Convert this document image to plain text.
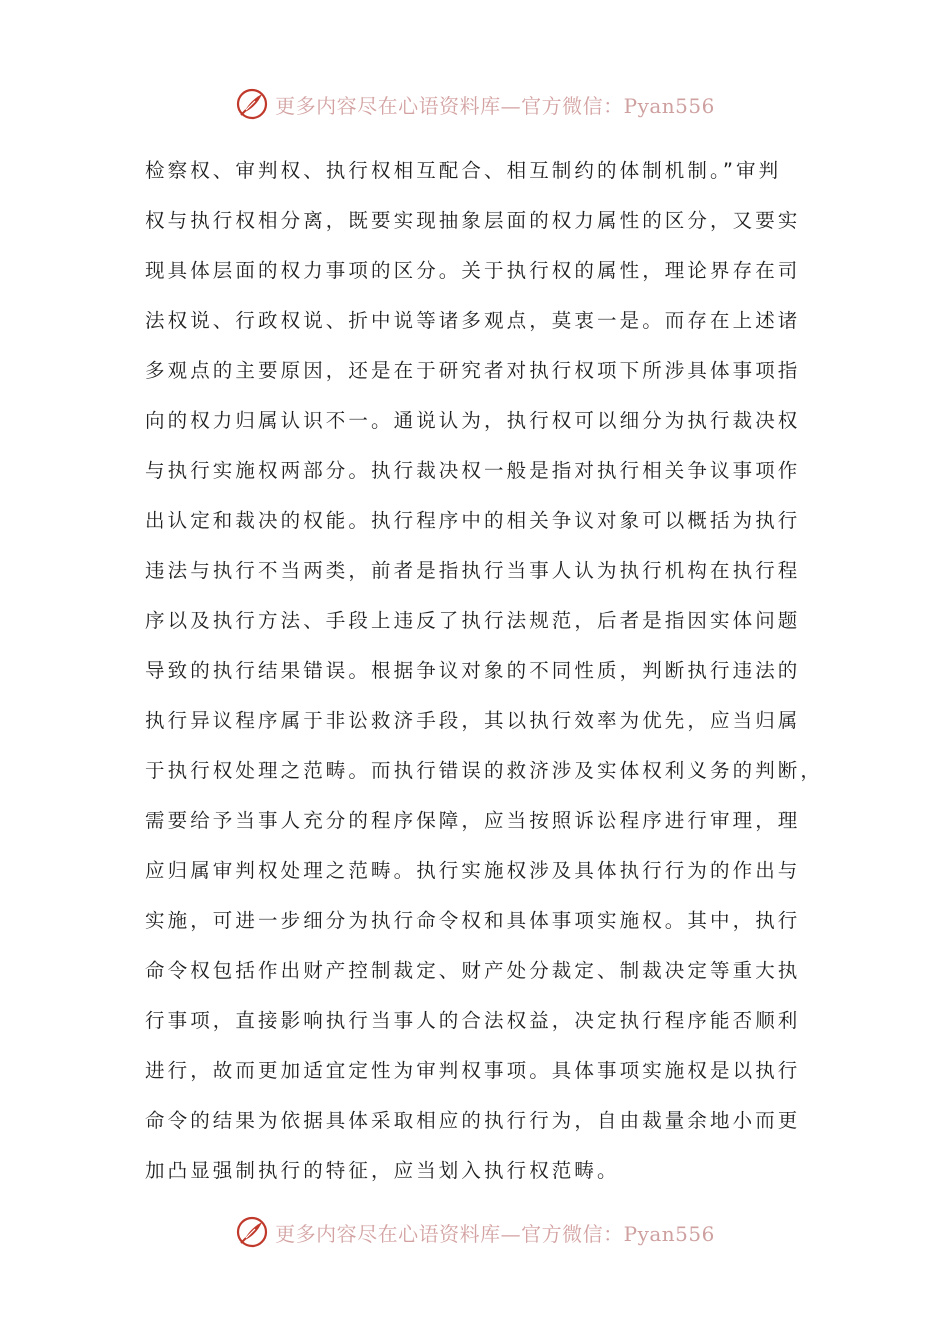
更多内容尽在心语资料库—官方微信：Pyan556
检察权、审判权、执行权相互配合、相互制约的体制机制。”审判
权与执行权相分离，既要实现抽象层面的权力属性的区分，又要实
现具体层面的权力事项的区分。关于执行权的属性，理论界存在司
法权说、行政权说、折中说等诸多观点，莫衷一是。而存在上述诸
多观点的主要原因，还是在于研究者对执行权项下所涉具体事项指
向的权力归属认识不一。通说认为，执行权可以细分为执行裁决权
与执行实施权两部分。执行裁决权一般是指对执行相关争议事项作
出认定和裁决的权能。执行程序中的相关争议对象可以概括为执行
违法与执行不当两类，前者是指执行当事人认为执行机构在执行程
序以及执行方法、手段上违反了执行法规范，后者是指因实体问题
导致的执行结果错误。根据争议对象的不同性质，判断执行违法的
执行异议程序属于非讼救济手段，其以执行效率为优先，应当归属
于执行权处理之范畴。而执行错误的救济涉及实体权利义务的判断，
需要给予当事人充分的程序保障，应当按照诉讼程序进行审理，理
应归属审判权处理之范畴。执行实施权涉及具体执行行为的作出与
实施，可进一步细分为执行命令权和具体事项实施权。其中，执行
命令权包括作出财产控制裁定、财产处分裁定、制裁决定等重大执
行事项，直接影响执行当事人的合法权益，决定执行程序能否顺利
进行，故而更加适宜定性为审判权事项。具体事项实施权是以执行
命令的结果为依据具体采取相应的执行行为，自由裁量余地小而更
加凸显强制执行的特征，应当划入执行权范畴。
更多内容尽在心语资料库—官方微信：Pyan556
